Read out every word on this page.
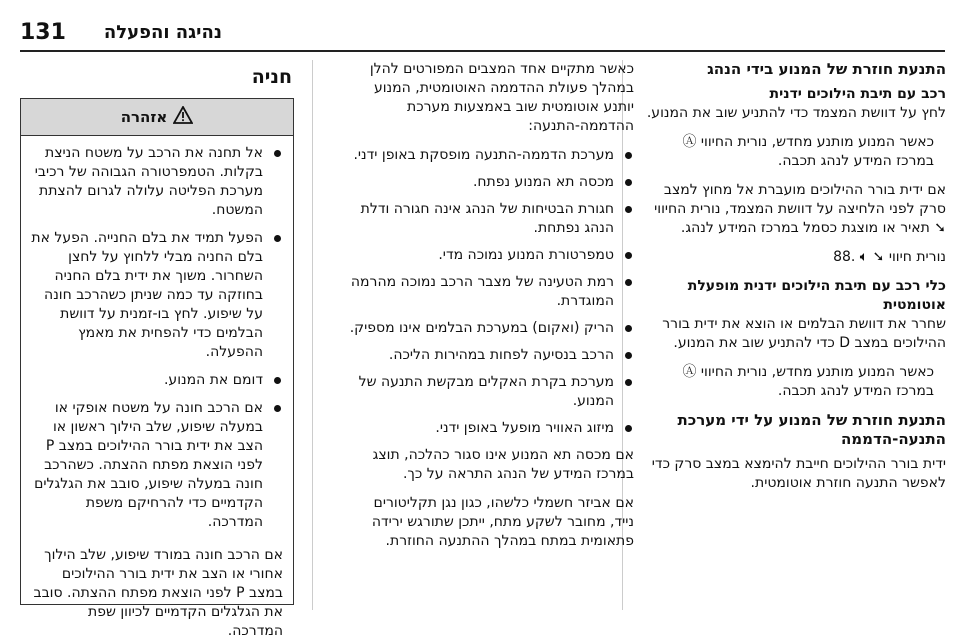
131 נהיגה והפעלה
התנעת חוזרת של המנוע בידי הנהג
רכב עם תיבת הילוכים ידנית

לחץ על דוושת המצמד כדי להתניע שוב את המנוע.

כאשר המנוע מותנע מחדש, נורית החיווי Ⓐ במרכז המידע לנהג תכבה.

אם ידית בורר ההילוכים מועברת אל מחוץ למצב סרק לפני הלחיצה על דוושת המצמד, נורית החיווי ➘ תאיר או מוצגת כסמל במרכז המידע לנהג.

נורית חיווי ➘ 🔈︎ .88

כלי רכב עם תיבת הילוכים ידנית מופעלת אוטומטית

שחרר את דוושת הבלמים או הוצא את ידית בורר ההילוכים במצב D כדי להתניע שוב את המנוע.

כאשר המנוע מותנע מחדש, נורית החיווי Ⓐ במרכז המידע לנהג תכבה.

התנעת חוזרת של המנוע על ידי מערכת התנעה-הדממה

ידית בורר ההילוכים חייבת להימצא במצב סרק כדי לאפשר התנעה חוזרת אוטומטית.

כאשר מתקיים אחד המצבים המפורטים להלן במהלך פעולת ההדממה האוטומטית, המנוע יותנע אוטומטית שוב באמצעות מערכת ההדממה-התנעה:

מערכת הדממה-התנעה מופסקת באופן ידני.
מכסה תא המנוע נפתח.
חגורת הבטיחות של הנהג אינה חגורה ודלת הנהג נפתחת.
טמפרטורת המנוע נמוכה מדי.
רמת הטעינה של מצבר הרכב נמוכה מהרמה המוגדרת.
הריק (ואקום) במערכת הבלמים אינו מספיק.
הרכב בנסיעה לפחות במהירות הליכה.
מערכת בקרת האקלים מבקשת התנעה של המנוע.
מיזוג האוויר מופעל באופן ידני.

אם מכסה תא המנוע אינו סגור כהלכה, תוצג במרכז המידע של הנהג התראה על כך.

אם אביזר חשמלי כלשהו, כגון נגן תקליטורים נייד, מחובר לשקע מתח, ייתכן שתורגש ירידה פתאומית במתח במהלך ההתנעה החוזרת.

חניה
אזהרה
אל תחנה את הרכב על משטח הניצת בקלות. הטמפרטורה הגבוהה של רכיבי מערכת הפליטה עלולה לגרום להצתת המשטח.
הפעל תמיד את בלם החנייה. הפעל את בלם החניה מבלי ללחוץ על לחצן השחרור. משוך את ידית בלם החניה בחוזקה עד כמה שניתן כשהרכב חונה על שיפוע. לחץ בו-זמנית על דוושת הבלמים כדי להפחית את מאמץ ההפעלה.
דומם את המנוע.
אם הרכב חונה על משטח אופקי או במעלה שיפוע, שלב הילוך ראשון או הצב את ידית בורר ההילוכים במצב P לפני הוצאת מפתח ההצתה. כשהרכב חונה במעלה שיפוע, סובב את הגלגלים הקדמיים כדי להרחיקם משפת המדרכה.

אם הרכב חונה במורד שיפוע, שלב הילוך אחורי או הצב את ידית בורר ההילוכים במצב P לפני הוצאת מפתח ההצתה. סובב את הגלגלים הקדמיים לכיוון שפת המדרכה.
